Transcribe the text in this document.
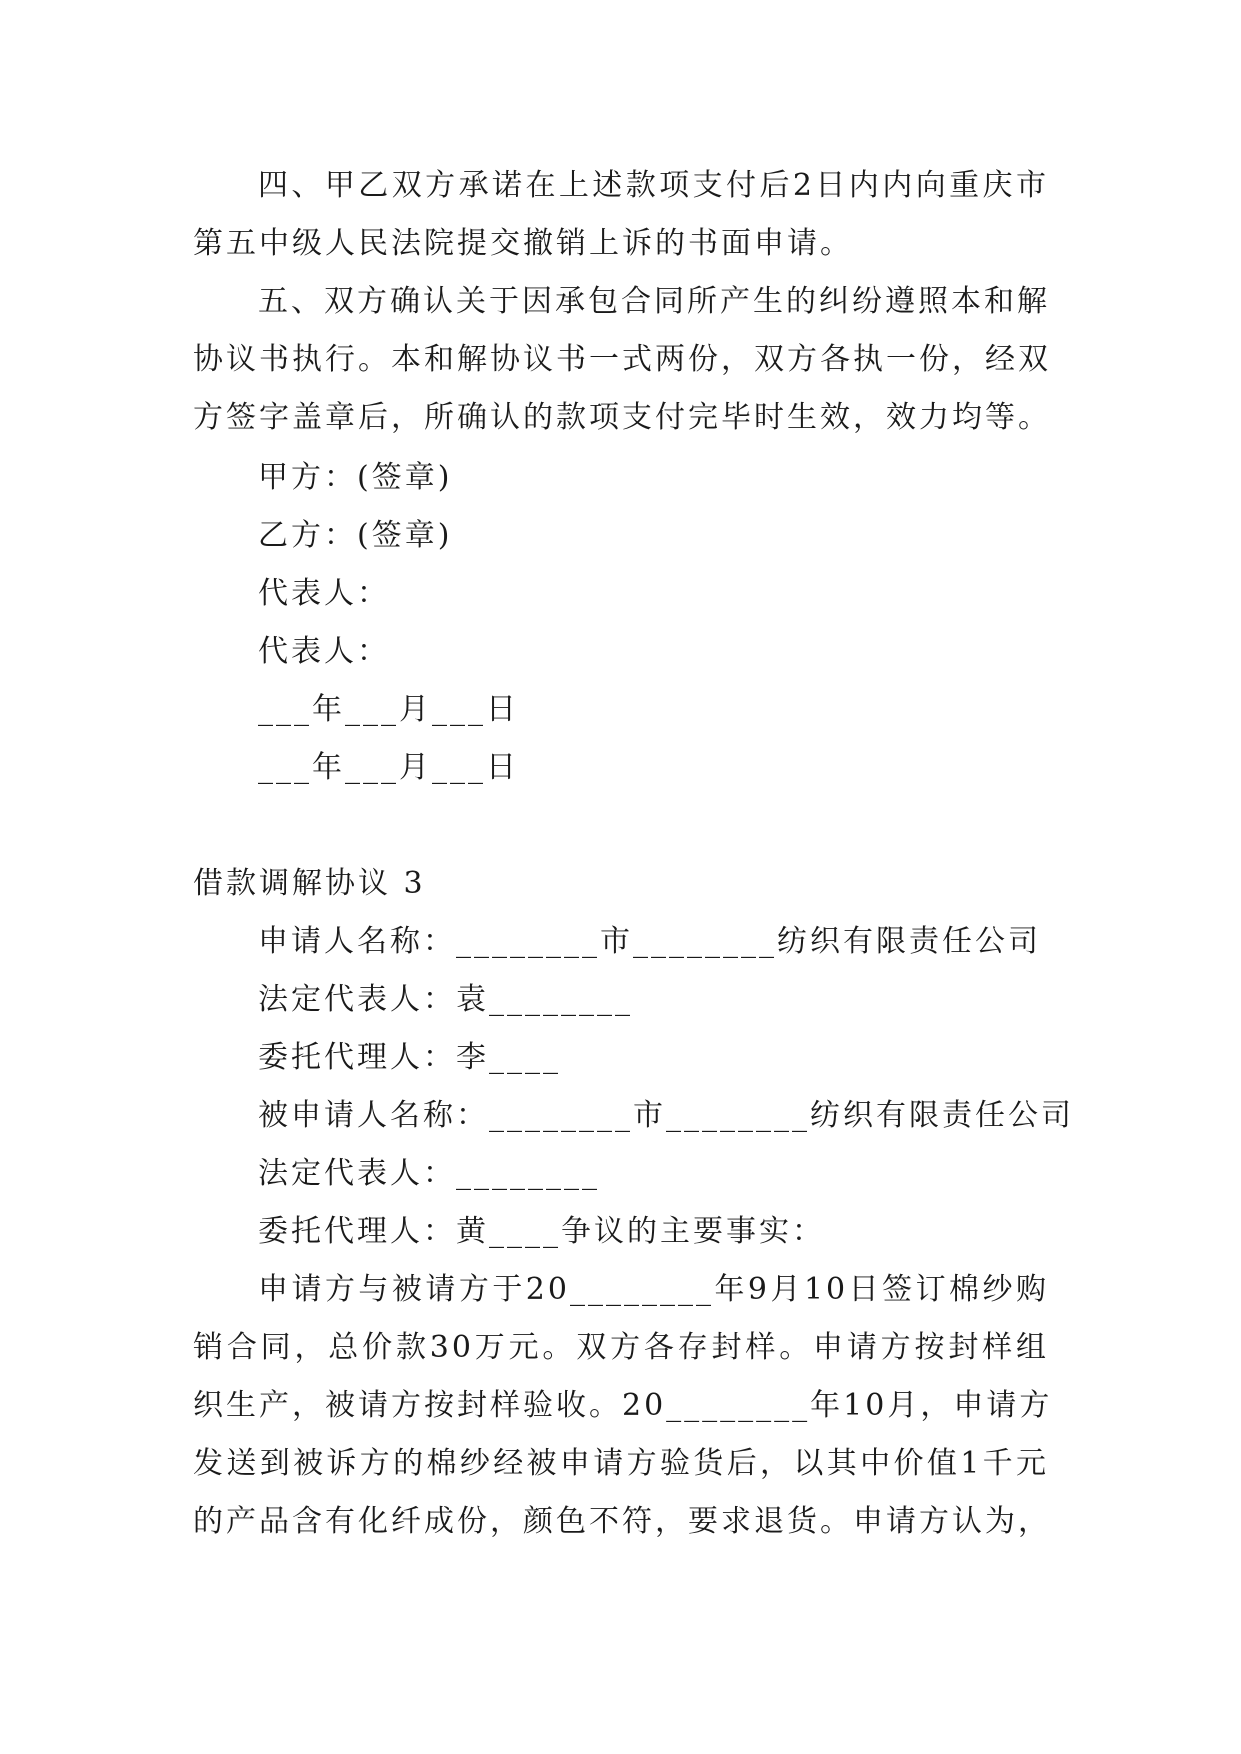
四、甲乙双方承诺在上述款项支付后2日内内向重庆市
第五中级人民法院提交撤销上诉的书面申请。
五、双方确认关于因承包合同所产生的纠纷遵照本和解
协议书执行。本和解协议书一式两份，双方各执一份，经双
方签字盖章后，所确认的款项支付完毕时生效，效力均等。
甲方：(签章)
乙方：(签章)
代表人：
代表人：
___年___月___日
___年___月___日
借款调解协议 3
申请人名称：________市________纺织有限责任公司
法定代表人：袁________
委托代理人：李____
被申请人名称：________市________纺织有限责任公司
法定代表人：________
委托代理人：黄____争议的主要事实：
申请方与被请方于20________年9月10日签订棉纱购
销合同，总价款30万元。双方各存封样。申请方按封样组
织生产，被请方按封样验收。20________年10月，申请方
发送到被诉方的棉纱经被申请方验货后，以其中价值1千元
的产品含有化纤成份，颜色不符，要求退货。申请方认为，
